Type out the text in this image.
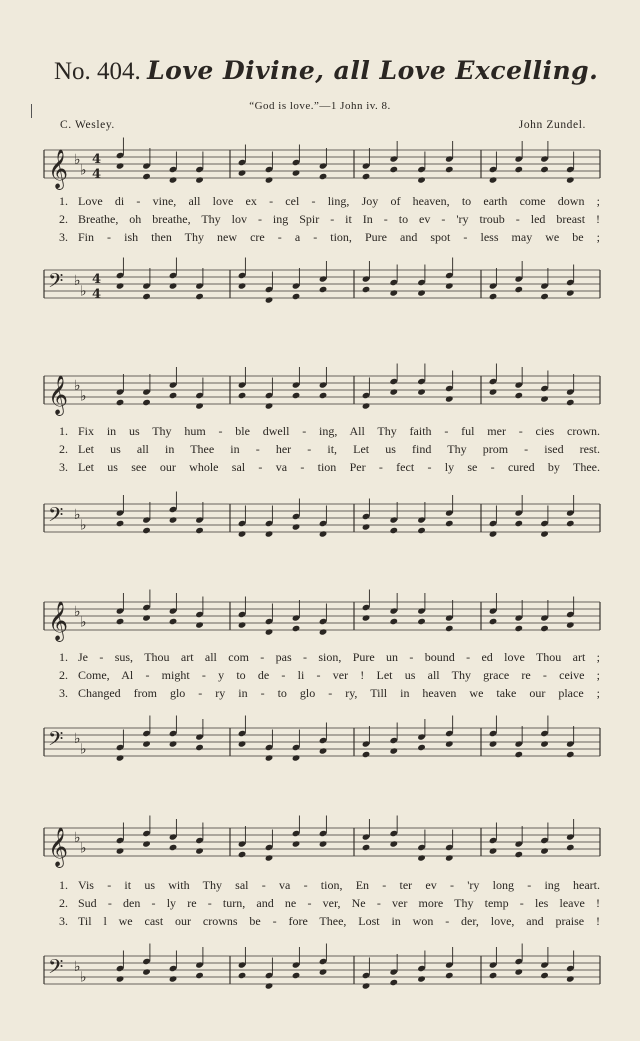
No. 404. Love Divine, all Love Excelling.
“God is love.”—1 John iv. 8.
C. Wesley.	John Zundel.
𝄞 ♭
♭
4
4
1. Love di - vine, all love ex - cel - ling, Joy of heaven, to earth come down ;
2. Breathe, oh breathe, Thy lov - ing Spir - it In - to ev - 'ry troub - led breast !
3. Fin - ish then Thy new cre - a - tion, Pure and spot - less may we be ;
𝄢 ♭
♭
4
4
𝄞 ♭
♭
1. Fix in us Thy hum - ble dwell - ing, All Thy faith - ful mer - cies crown.
2. Let us all in Thee in - her - it, Let us find Thy prom - ised rest.
3. Let us see our whole sal - va - tion Per - fect - ly se - cured by Thee.
𝄢 ♭
♭
𝄞 ♭
♭
1. Je - sus, Thou art all com - pas - sion, Pure un - bound - ed love Thou art ;
2. Come, Al - might - y to de - li - ver ! Let us all Thy grace re - ceive ;
3. Changed from glo - ry in - to glo - ry, Till in heaven we take our place ;
𝄢 ♭
♭
𝄞 ♭
♭
1. Vis - it us with Thy sal - va - tion, En - ter ev - 'ry long - ing heart.
2. Sud - den - ly re - turn, and ne - ver, Ne - ver more Thy temp - les leave !
3. Til l we cast our crowns be - fore Thee, Lost in won - der, love, and praise !
𝄢 ♭
♭
